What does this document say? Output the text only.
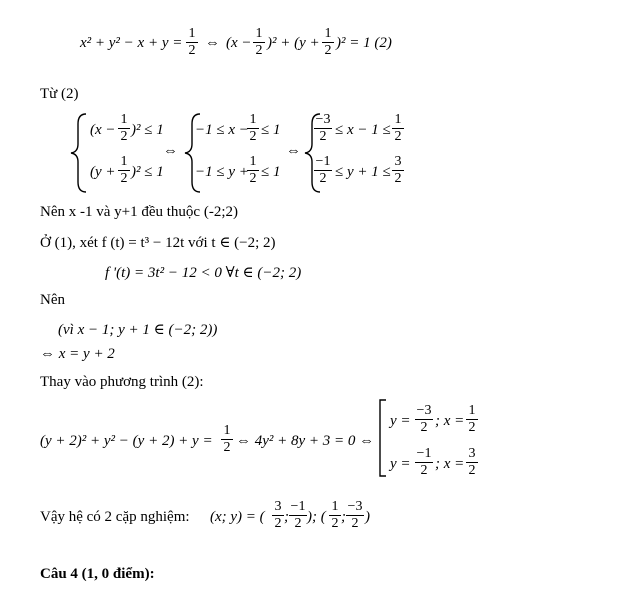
x² + y² − x + y =
1
2 ⇔ (x −
1
2 )² + (y +
1
2 )² = 1 (2)
Từ (2)
(x −
1
2 )² ≤ 1
(y +
1
2 )² ≤ 1
⇔
−1 ≤ x −
1
2 ≤ 1
−1 ≤ y +
1
2 ≤ 1
⇔
−3
2 ≤ x − 1 ≤
1
2
−1
2 ≤ y + 1 ≤
3
2
Nên x -1 và y+1 đều thuộc (-2;2)
Ở (1), xét f (t) = t³ − 12t với t ∈ (−2; 2)
f '(t) = 3t² − 12 < 0 ∀t ∈ (−2; 2)
Nên
(vì x − 1; y + 1 ∈ (−2; 2))
⇔ x = y + 2
Thay vào phương trình (2):
(y + 2)² + y² − (y + 2) + y =
1
2 ⇔ 4y² + 8y + 3 = 0 ⇔
y =
−3
2 ; x =
1
2
y =
−1
2 ; x =
3
2
Vậy hệ có 2 cặp nghiệm: (x; y) = (
3
2 ;
−1
2 ); (
1
2 ;
−3
2 )
Câu 4 (1, 0 điểm):
